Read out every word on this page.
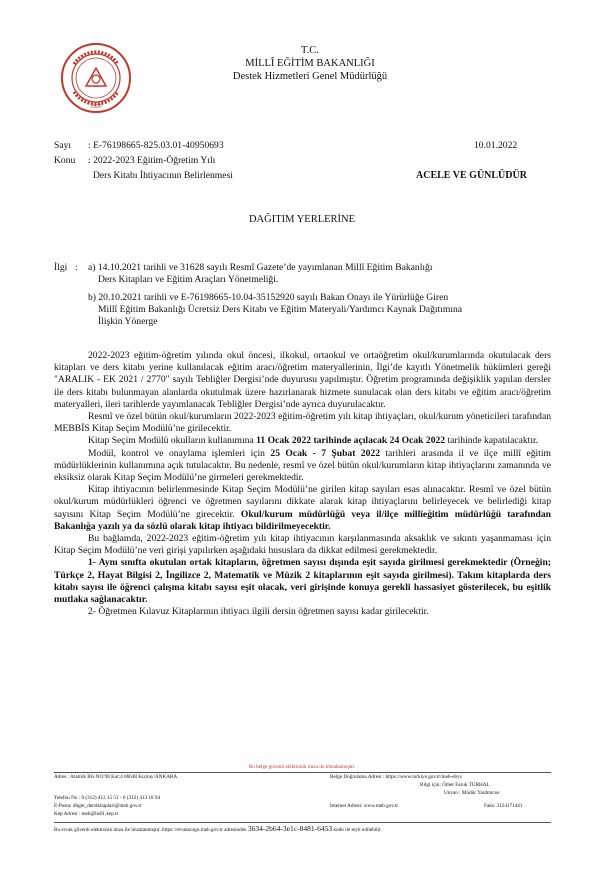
1920
T.C.
MİLLÎ EĞİTİM BAKANLIĞI
Destek Hizmetleri Genel Müdürlüğü
Sayı : E-76198665-825.03.01-40950693	10.01.2022
Konu : 2022-2023 Eğitim-Öğretim Yılı
Ders Kitabı İhtiyacının Belirlenmesi	ACELE VE GÜNLÜDÜR
DAĞITIM YERLERİNE
İlgi : a) 14.10.2021 tarihli ve 31628 sayılı Resmî Gazete’de yayımlanan Millî Eğitim Bakanlığı
Ders Kitapları ve Eğitim Araçları Yönetmeliği.
b) 20.10.2021 tarihli ve E-76198665-10.04-35152920 sayılı Bakan Onayı ile Yürürlüğe Giren
Millî Eğitim Bakanlığı Ücretsiz Ders Kitabı ve Eğitim Materyali/Yardımcı Kaynak Dağıtımına
İlişkin Yönerge

2022-2023 eğitim-öğretim yılında okul öncesi, ilkokul, ortaokul ve ortaöğretim okul/kurumlarında okutulacak ders kitapları ve ders kitabı yerine kullanılacak eğitim aracı/öğretim materyallerinin, İlgi’de kayıtlı Yönetmelik hükümleri gereği "ARALIK - EK 2021 / 2770" sayılı Tebliğler Dergisi’nde duyurusu yapılmıştır. Öğretim programında değişiklik yapılan dersler ile ders kitabı bulunmayan alanlarda okutulmak üzere hazırlanarak hizmete sunulacak olan ders kitabı ve eğitim aracı/öğretim materyalleri, ileri tarihlerde yayımlanacak Tebliğler Dergisi’nde ayrıca duyurulacaktır.

Resmî ve özel bütün okul/kurumların 2022-2023 eğitim-öğretim yılı kitap ihtiyaçları, okul/kurum yöneticileri tarafından MEBBİS Kitap Seçim Modülü’ne girilecektir.

Kitap Seçim Modülü okulların kullanımına 11 Ocak 2022 tarihinde açılacak 24 Ocak 2022 tarihinde kapatılacaktır.

Modül, kontrol ve onaylama işlemleri için 25 Ocak - 7 Şubat 2022 tarihleri arasında il ve ilçe millî eğitim müdürlüklerinin kullanımına açık tutulacaktır. Bu nedenle, resmî ve özel bütün okul/kurumların kitap ihtiyaçlarını zamanında ve eksiksiz olarak Kitap Seçim Modülü’ne girmeleri gerekmektedir.

Kitap ihtiyacının belirlenmesinde Kitap Seçim Modülü’ne girilen kitap sayıları esas alınacaktır. Resmî ve özel bütün okul/kurum müdürlükleri öğrenci ve öğretmen sayılarını dikkate alarak kitap ihtiyaçlarını belirleyecek ve belirlediği kitap sayısını Kitap Seçim Modülü’ne girecektir. Okul/kurum müdürlüğü veya il/ilçe millîeğitim müdürlüğü tarafından Bakanlığa yazılı ya da sözlü olarak kitap ihtiyacı bildirilmeyecektir.

Bu bağlamda, 2022-2023 eğitim-öğretim yılı kitap ihtiyacının karşılanmasında aksaklık ve sıkıntı yaşanmaması için Kitap Seçim Modülü’ne veri girişi yapılırken aşağıdaki hususlara da dikkat edilmesi gerekmektedir.

1- Aynı sınıfta okutulan ortak kitapların, öğretmen sayısı dışında eşit sayıda girilmesi gerekmektedir (Örneğin; Türkçe 2, Hayat Bilgisi 2, İngilizce 2, Matematik ve Müzik 2 kitaplarının eşit sayıda girilmesi). Takım kitaplarda ders kitabı sayısı ile öğrenci çalışma kitabı sayısı eşit olacak, veri girişinde konuya gerekli hassasiyet gösterilecek, bu eşitlik mutlaka sağlanacaktır.

2- Öğretmen Kılavuz Kitaplarının ihtiyacı ilgili dersin öğretmen sayısı kadar girilecektir.

Bu belge güvenli elektronik imza ile imzalanmıştır.
Adres : Atatürk Blv.NO:98 Kat:4 06648 Kızılay/ANKARA	Belge Doğrulama Adresi : https://www.turkiye.gov.tr/meb-ebys
Bilgi için: Ömer Faruk TURHAL
Unvan : Müdür Yardımcısı
Telefon No : 0 (312) 413 15 51 - 0 (312) 413 18 94
E-Posta: dhgm_dersikitaplari@meb.gov.tr	İnternet Adresi: www.meb.gov.tr	Faks: 3124171441
Kep Adresi : meb@hs01.kep.tr
Bu evrak güvenli elektronik imza ile imzalanmıştır. https://evraksorgu.meb.gov.tr adresinden 3634-2b64-3e1c-8481-6453 kodu ile teyit edilebilir.
